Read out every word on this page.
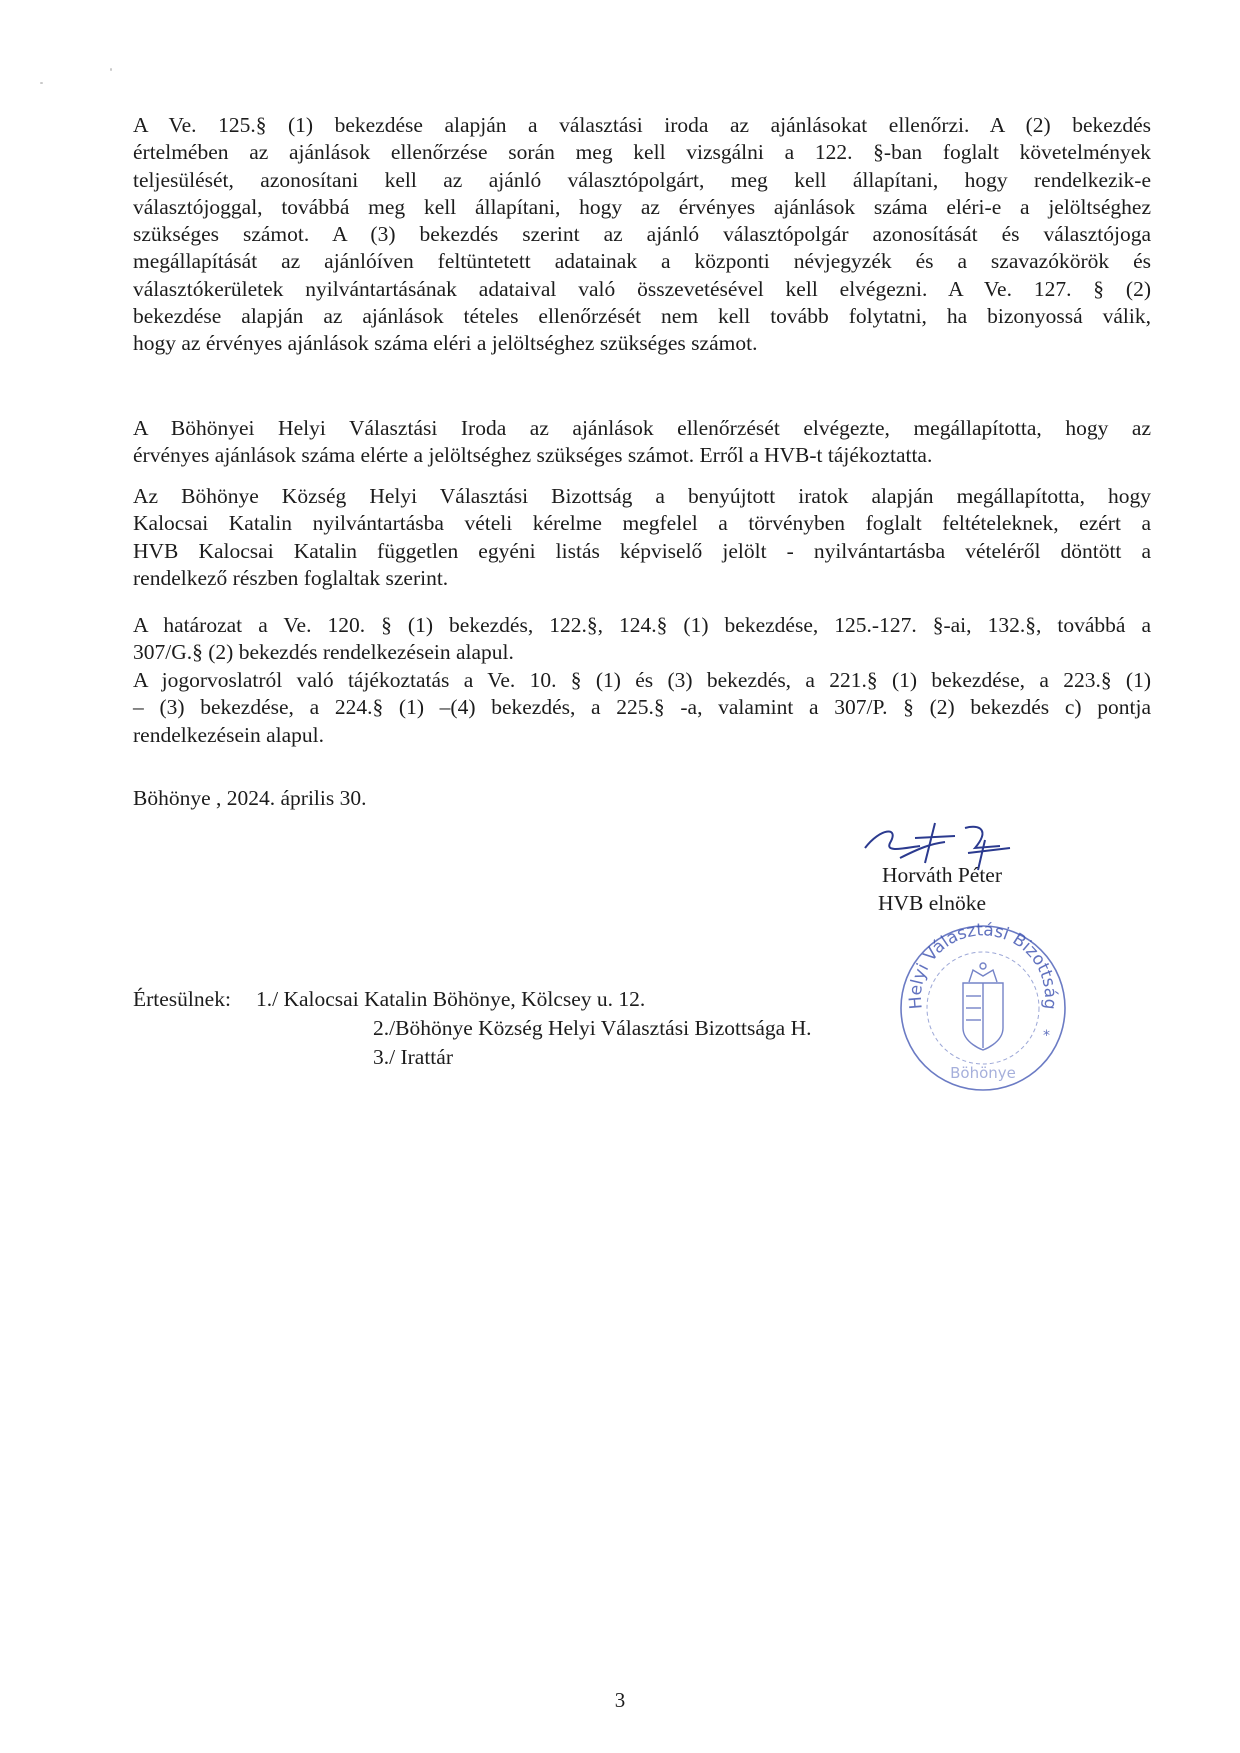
A Ve. 125.§ (1) bekezdése alapján a választási iroda az ajánlásokat ellenőrzi. A (2) bekezdés
értelmében az ajánlások ellenőrzése során meg kell vizsgálni a 122. §-ban foglalt követelmények
teljesülését, azonosítani kell az ajánló választópolgárt, meg kell állapítani, hogy rendelkezik-e
választójoggal, továbbá meg kell állapítani, hogy az érvényes ajánlások száma eléri-e a jelöltséghez
szükséges számot. A (3) bekezdés szerint az ajánló választópolgár azonosítását és választójoga
megállapítását az ajánlóíven feltüntetett adatainak a központi névjegyzék és a szavazókörök és
választókerületek nyilvántartásának adataival való összevetésével kell elvégezni. A Ve. 127. § (2)
bekezdése alapján az ajánlások tételes ellenőrzését nem kell tovább folytatni, ha bizonyossá válik,
hogy az érvényes ajánlások száma eléri a jelöltséghez szükséges számot.
A Böhönyei Helyi Választási Iroda az ajánlások ellenőrzését elvégezte, megállapította, hogy az
érvényes ajánlások száma elérte a jelöltséghez szükséges számot. Erről a HVB-t tájékoztatta.
Az Böhönye Község Helyi Választási Bizottság a benyújtott iratok alapján megállapította, hogy
Kalocsai Katalin nyilvántartásba vételi kérelme megfelel a törvényben foglalt feltételeknek, ezért a
HVB Kalocsai Katalin független egyéni listás képviselő jelölt - nyilvántartásba vételéről döntött a
rendelkező részben foglaltak szerint.
A határozat a Ve. 120. § (1) bekezdés, 122.§, 124.§ (1) bekezdése, 125.-127. §-ai, 132.§, továbbá a
307/G.§ (2) bekezdés rendelkezésein alapul.
A jogorvoslatról való tájékoztatás a Ve. 10. § (1) és (3) bekezdés, a 221.§ (1) bekezdése, a 223.§ (1)
– (3) bekezdése, a 224.§ (1) –(4) bekezdés, a 225.§ -a, valamint a 307/P. § (2) bekezdés c) pontja
rendelkezésein alapul.
Böhönye , 2024. április 30.
Horváth Péter
HVB elnöke
Helyi Választási Bizottság
Böhönye
*
Értesülnek: 1./ Kalocsai Katalin Böhönye, Kölcsey u. 12.
2./Böhönye Község Helyi Választási Bizottsága H.
3./ Irattár
3
